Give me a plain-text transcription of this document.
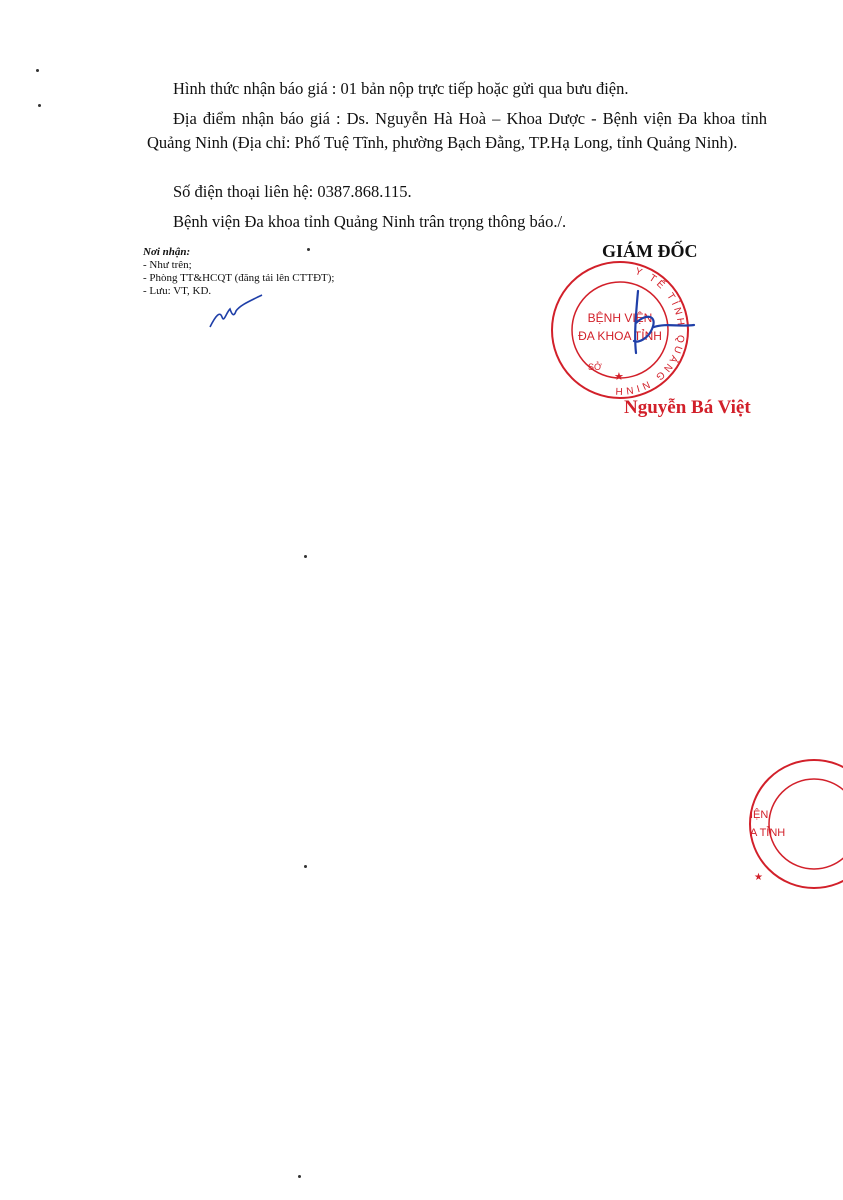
Hình thức nhận báo giá : 01 bản nộp trực tiếp hoặc gửi qua bưu điện.
Địa điểm nhận báo giá : Ds. Nguyễn Hà Hoà – Khoa Dược - Bệnh viện Đa khoa tỉnh Quảng Ninh (Địa chỉ: Phố Tuệ Tĩnh, phường Bạch Đằng, TP.Hạ Long, tỉnh Quảng Ninh).
Số điện thoại liên hệ: 0387.868.115.
Bệnh viện Đa khoa tỉnh Quảng Ninh trân trọng thông báo./.
Nơi nhận:
- Như trên;
- Phòng TT&HCQT (đăng tải lên CTTĐT);
- Lưu: VT, KD.
GIÁM ĐỐC
Y TẾ TỈNH QUẢNG NINH
BỆNH VIỆN
ĐA KHOA TỈNH
SỞ
★
Nguyễn Bá Việt
IỆN
A TỈNH
★
